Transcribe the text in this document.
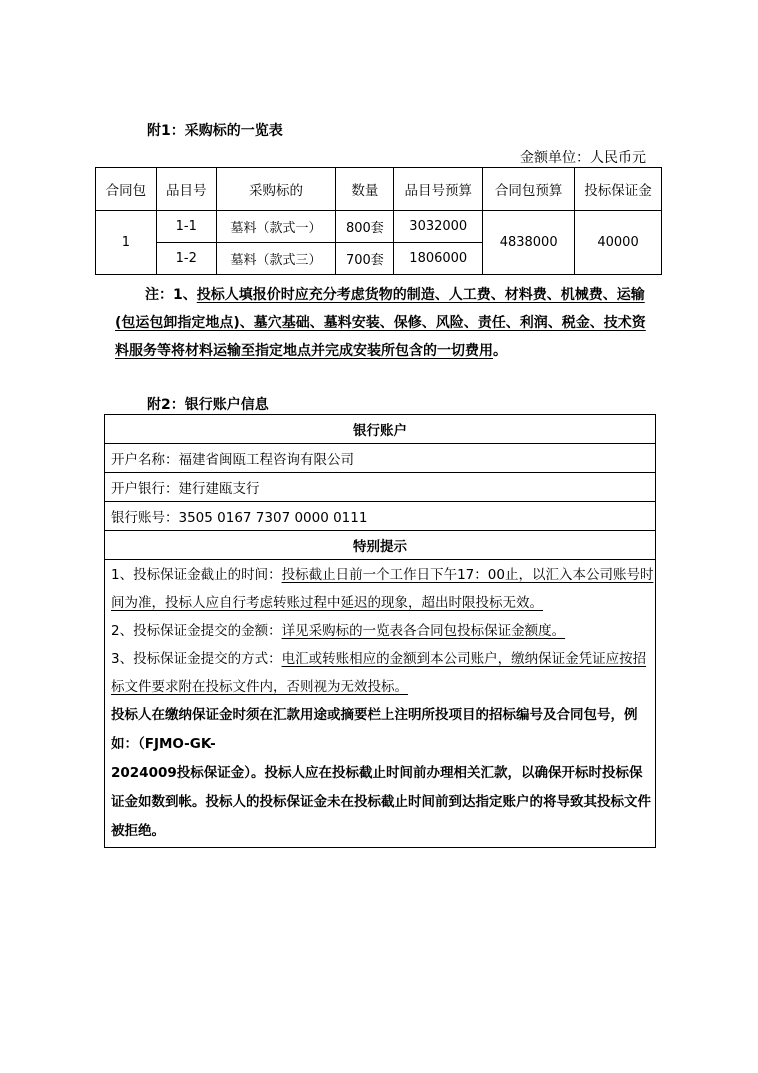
附1：采购标的一览表
金额单位：人民币元
合同包	品目号	采购标的	数量	品目号预算	合同包预算	投标保证金
1	1-1	墓料（款式一）	800套	3032000	4838000	40000
	1-2	墓料（款式三）	700套	1806000		
注：1、投标人填报价时应充分考虑货物的制造、人工费、材料费、机械费、运输(包运包卸指定地点)、墓穴基础、墓料安装、保修、风险、责任、利润、税金、技术资料服务等将材料运输至指定地点并完成安装所包含的一切费用。
附2：银行账户信息
银行账户
开户名称：福建省闽瓯工程咨询有限公司
开户银行：建行建瓯支行
银行账号：3505 0167 7307 0000 0111
特别提示

1、投标保证金截止的时间：投标截止日前一个工作日下午17：00止，以汇入本公司账号时间为准，投标人应自行考虑转账过程中延迟的现象，超出时限投标无效。
2、投标保证金提交的金额：详见采购标的一览表各合同包投标保证金额度。
3、投标保证金提交的方式：电汇或转账相应的金额到本公司账户，缴纳保证金凭证应按招标文件要求附在投标文件内，否则视为无效投标。
投标人在缴纳保证金时须在汇款用途或摘要栏上注明所投项目的招标编号及合同包号，例如：（FJMO-GK-
2024009投标保证金）。投标人应在投标截止时间前办理相关汇款，以确保开标时投标保证金如数到帐。投标人的投标保证金未在投标截止时间前到达指定账户的将导致其投标文件被拒绝。
